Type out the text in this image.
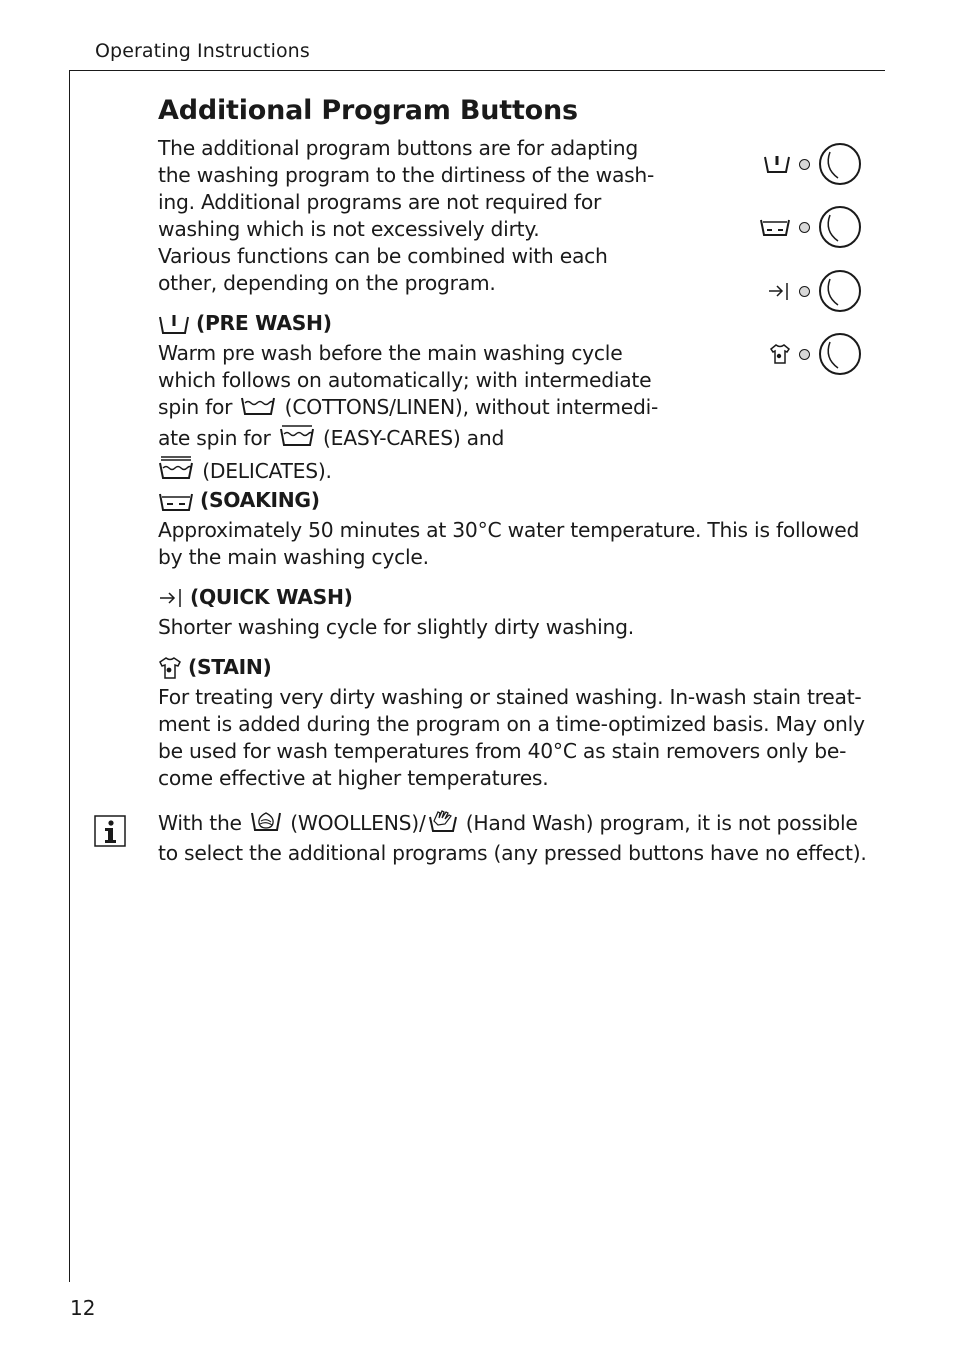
Operating Instructions
Additional Program Buttons

The additional program buttons are for adapting
the washing program to the dirtiness of the wash-
ing. Additional programs are not required for
washing which is not excessively dirty.
Various functions can be combined with each
other, depending on the program.

(PRE WASH)

Warm pre wash before the main washing cycle
which follows on automatically; with intermediate
spin for	(COTTONS/LINEN), without intermedi-
ate spin for	(EASY-CARES) and
(DELICATES).

(SOAKING)

Approximately 50 minutes at 30°C water temperature. This is followed
by the main washing cycle.

(QUICK WASH)

Shorter washing cycle for slightly dirty washing.

(STAIN)

For treating very dirty washing or stained washing. In-wash stain treat-
ment is added during the program on a time-optimized basis. May only
be used for wash temperatures from 40°C as stain removers only be-
come effective at higher temperatures.

With the (WOOLLENS)/ (Hand Wash) program, it is not possible
to select the additional programs (any pressed buttons have no effect).

12
